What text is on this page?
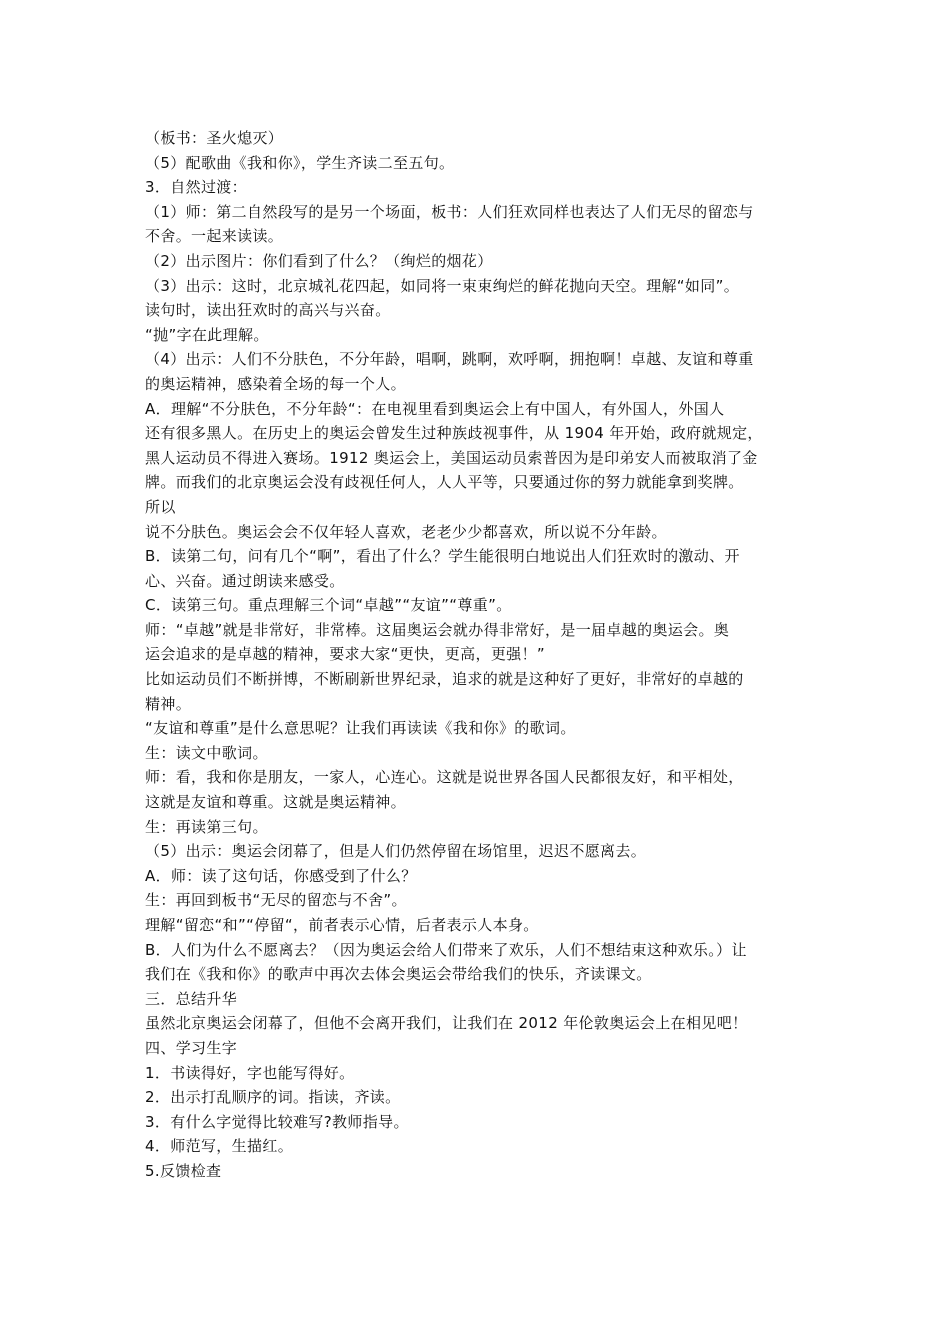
（板书：圣火熄灭）

（5）配歌曲《我和你》，学生齐读二至五句。

3．自然过渡：

（1）师：第二自然段写的是另一个场面，板书：人们狂欢同样也表达了人们无尽的留恋与

不舍。一起来读读。

（2）出示图片：你们看到了什么？（绚烂的烟花）

（3）出示：这时，北京城礼花四起，如同将一束束绚烂的鲜花抛向天空。理解“如同”。

读句时，读出狂欢时的高兴与兴奋。

“抛”字在此理解。

（4）出示：人们不分肤色，不分年龄，唱啊，跳啊，欢呼啊，拥抱啊！卓越、友谊和尊重

的奥运精神，感染着全场的每一个人。

A．理解“不分肤色，不分年龄“：在电视里看到奥运会上有中国人，有外国人，外国人

还有很多黑人。在历史上的奥运会曾发生过种族歧视事件，从 1904 年开始，政府就规定，

黑人运动员不得进入赛场。1912 奥运会上，美国运动员索普因为是印弟安人而被取消了金

牌。而我们的北京奥运会没有歧视任何人，人人平等，只要通过你的努力就能拿到奖牌。

所以

说不分肤色。奥运会会不仅年轻人喜欢，老老少少都喜欢，所以说不分年龄。

B．读第二句，问有几个“啊”，看出了什么？学生能很明白地说出人们狂欢时的激动、开

心、兴奋。通过朗读来感受。

C．读第三句。重点理解三个词“卓越”“友谊”“尊重”。

师：“卓越”就是非常好，非常棒。这届奥运会就办得非常好，是一届卓越的奥运会。奥

运会追求的是卓越的精神，要求大家“更快，更高，更强！”

比如运动员们不断拼博，不断刷新世界纪录，追求的就是这种好了更好，非常好的卓越的

精神。

“友谊和尊重”是什么意思呢？让我们再读读《我和你》的歌词。

生：读文中歌词。

师：看，我和你是朋友，一家人，心连心。这就是说世界各国人民都很友好，和平相处，

这就是友谊和尊重。这就是奥运精神。

生：再读第三句。

（5）出示：奥运会闭幕了，但是人们仍然停留在场馆里，迟迟不愿离去。

A．师：读了这句话，你感受到了什么？

生：再回到板书“无尽的留恋与不舍”。

理解“留恋“和”“停留“，前者表示心情，后者表示人本身。

B．人们为什么不愿离去？（因为奥运会给人们带来了欢乐，人们不想结束这种欢乐。）让

我们在《我和你》的歌声中再次去体会奥运会带给我们的快乐，齐读课文。

三．总结升华

虽然北京奥运会闭幕了，但他不会离开我们，让我们在 2012 年伦敦奥运会上在相见吧！

四、学习生字

1．书读得好，字也能写得好。

2．出示打乱顺序的词。指读，齐读。

3．有什么字觉得比较难写?教师指导。

4．师范写，生描红。

5.反馈检查
